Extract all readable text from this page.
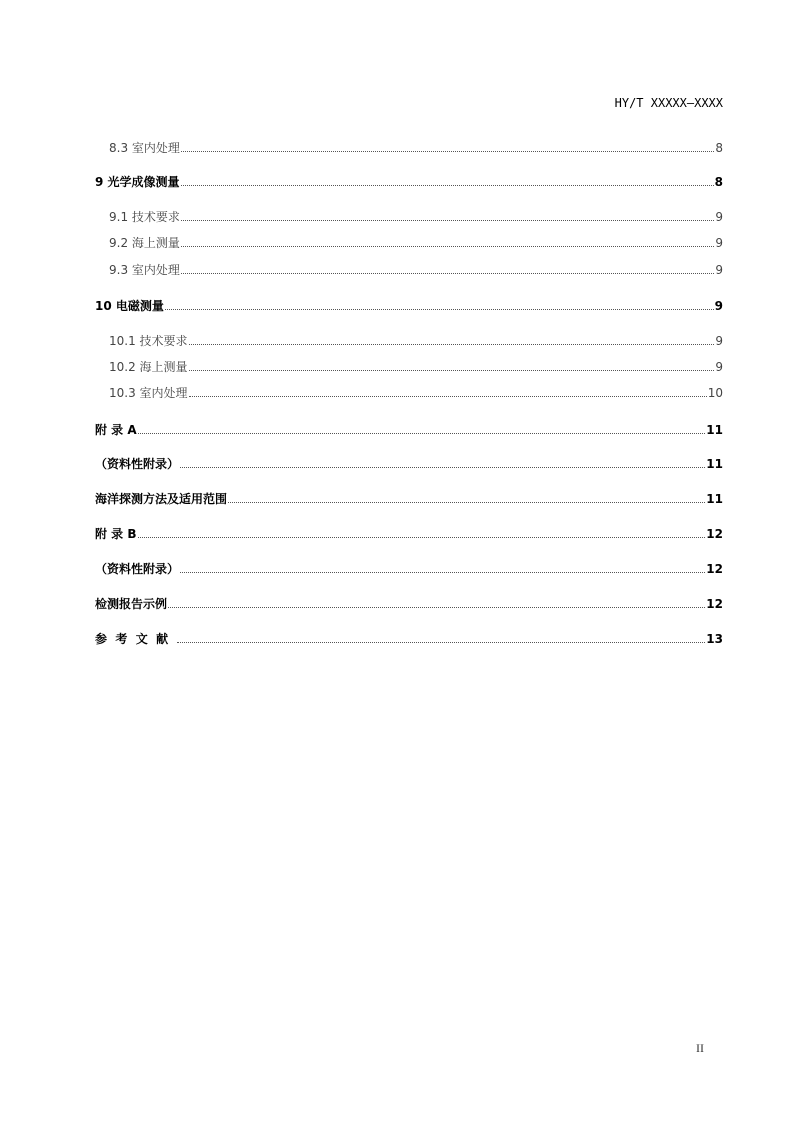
HY/T XXXXX—XXXX
8.3 室内处理	8
9 光学成像测量	8
9.1 技术要求	9
9.2 海上测量	9
9.3 室内处理	9
10 电磁测量	9
10.1 技术要求	9
10.2 海上测量	9
10.3 室内处理	10
附 录 A	11
（资料性附录）	11
海洋探测方法及适用范围	11
附 录 B	12
（资料性附录）	12
检测报告示例	12
参  考  文  献	13
II
